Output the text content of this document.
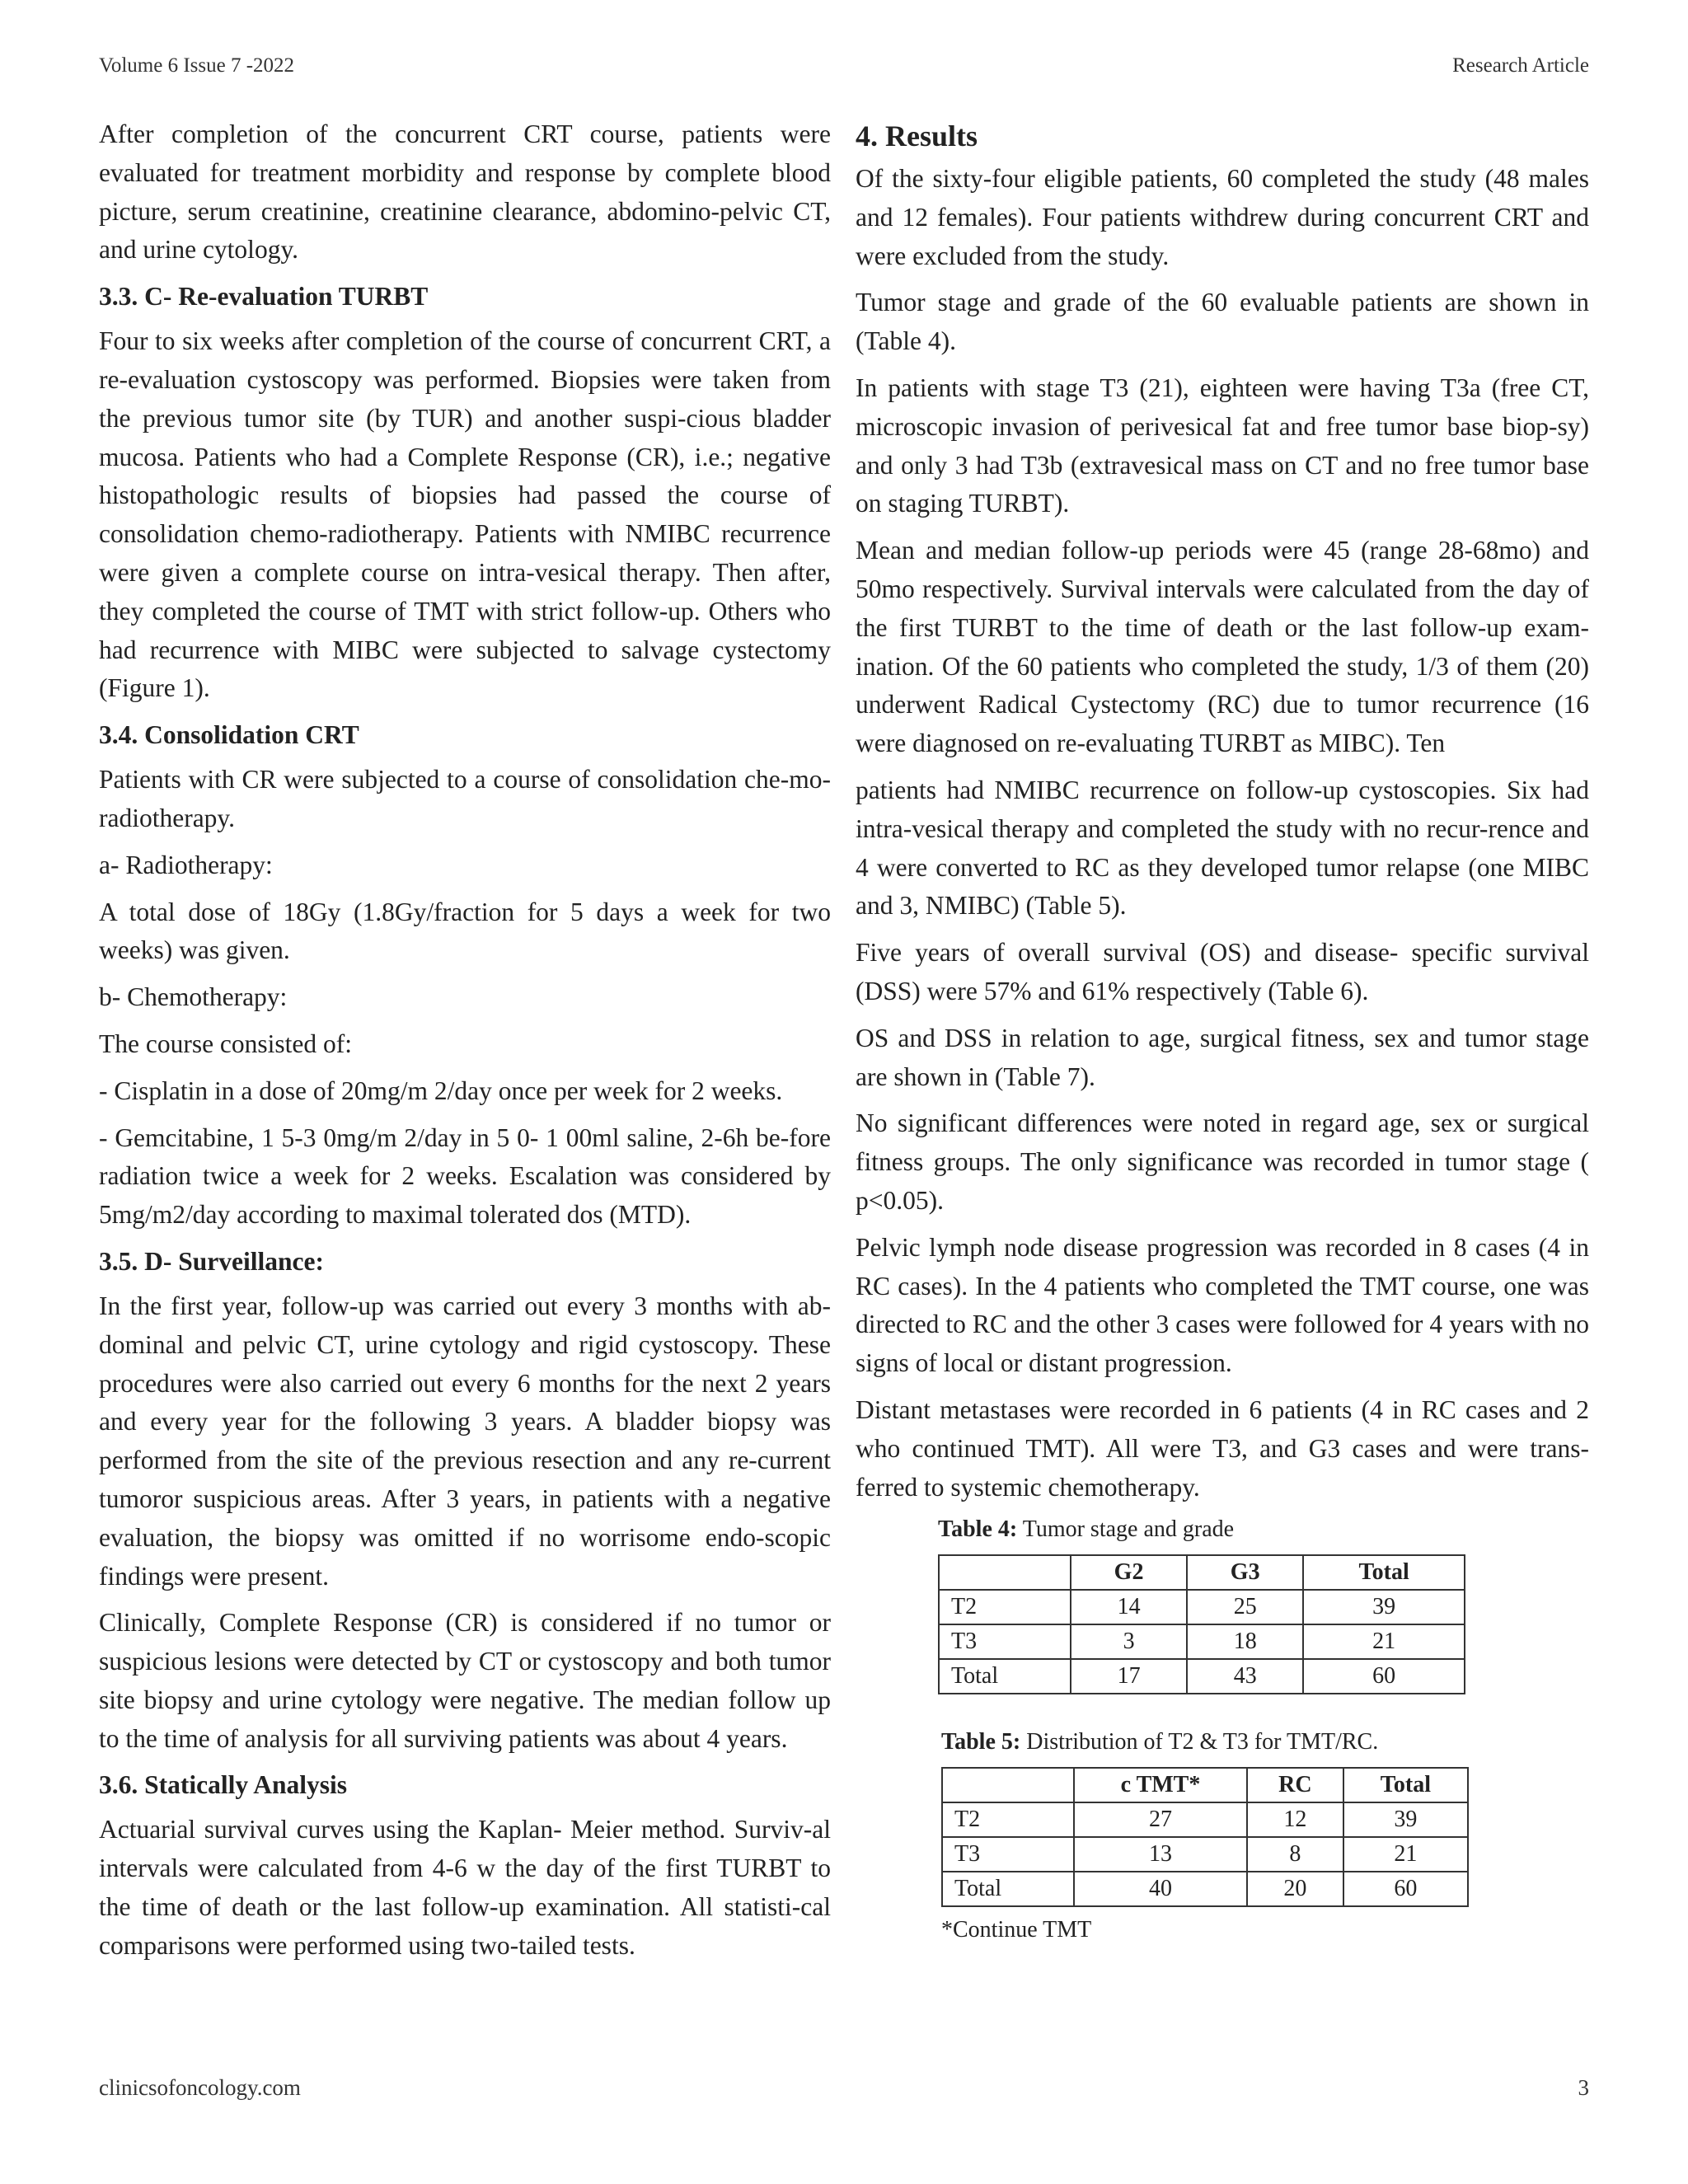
Volume 6 Issue 7 -2022	Research Article

After completion of the concurrent CRT course, patients were evaluated for treatment morbidity and response by complete blood picture, serum creatinine, creatinine clearance, abdomino-pelvic CT, and urine cytology.

3.3. C- Re-evaluation TURBT

Four to six weeks after completion of the course of concurrent CRT, a re-evaluation cystoscopy was performed. Biopsies were taken from the previous tumor site (by TUR) and another suspi-cious bladder mucosa. Patients who had a Complete Response (CR), i.e.; negative histopathologic results of biopsies had passed the course of consolidation chemo-radiotherapy. Patients with NMIBC recurrence were given a complete course on intra-vesical therapy. Then after, they completed the course of TMT with strict follow-up. Others who had recurrence with MIBC were subjected to salvage cystectomy (Figure 1).

3.4. Consolidation CRT

Patients with CR were subjected to a course of consolidation che-mo-radiotherapy.

a- Radiotherapy:

A total dose of 18Gy (1.8Gy/fraction for 5 days a week for two weeks) was given.

b- Chemotherapy:

The course consisted of:

- Cisplatin in a dose of 20mg/m 2/day once per week for 2 weeks.

- Gemcitabine, 1 5-3 0mg/m 2/day in 5 0- 1 00ml saline, 2-6h be-fore radiation twice a week for 2 weeks. Escalation was considered by 5mg/m2/day according to maximal tolerated dos (MTD).

3.5. D- Surveillance:

In the first year, follow-up was carried out every 3 months with ab-dominal and pelvic CT, urine cytology and rigid cystoscopy. These procedures were also carried out every 6 months for the next 2 years and every year for the following 3 years. A bladder biopsy was performed from the site of the previous resection and any re-current tumoror suspicious areas. After 3 years, in patients with a negative evaluation, the biopsy was omitted if no worrisome endo-scopic findings were present.

Clinically, Complete Response (CR) is considered if no tumor or suspicious lesions were detected by CT or cystoscopy and both tumor site biopsy and urine cytology were negative. The median follow up to the time of analysis for all surviving patients was about 4 years.

3.6. Statically Analysis

Actuarial survival curves using the Kaplan- Meier method. Surviv-al intervals were calculated from 4-6 w the day of the first TURBT to the time of death or the last follow-up examination. All statisti-cal comparisons were performed using two-tailed tests.

4. Results

Of the sixty-four eligible patients, 60 completed the study (48 males and 12 females). Four patients withdrew during concurrent CRT and were excluded from the study.

Tumor stage and grade of the 60 evaluable patients are shown in (Table 4).

In patients with stage T3 (21), eighteen were having T3a (free CT, microscopic invasion of perivesical fat and free tumor base biop-sy) and only 3 had T3b (extravesical mass on CT and no free tumor base on staging TURBT).

Mean and median follow-up periods were 45 (range 28-68mo) and 50mo respectively. Survival intervals were calculated from the day of the first TURBT to the time of death or the last follow-up exam-ination. Of the 60 patients who completed the study, 1/3 of them (20) underwent Radical Cystectomy (RC) due to tumor recurrence (16 were diagnosed on re-evaluating TURBT as MIBC). Ten

patients had NMIBC recurrence on follow-up cystoscopies. Six had intra-vesical therapy and completed the study with no recur-rence and 4 were converted to RC as they developed tumor relapse (one MIBC and 3, NMIBC) (Table 5).

Five years of overall survival (OS) and disease- specific survival (DSS) were 57% and 61% respectively (Table 6).

OS and DSS in relation to age, surgical fitness, sex and tumor stage are shown in (Table 7).

No significant differences were noted in regard age, sex or surgical fitness groups. The only significance was recorded in tumor stage ( p<0.05).

Pelvic lymph node disease progression was recorded in 8 cases (4 in RC cases). In the 4 patients who completed the TMT course, one was directed to RC and the other 3 cases were followed for 4 years with no signs of local or distant progression.

Distant metastases were recorded in 6 patients (4 in RC cases and 2 who continued TMT). All were T3, and G3 cases and were trans-ferred to systemic chemotherapy.

Table 4: Tumor stage and grade
	G2	G3	Total
T2	14	25	39
T3	3	18	21
Total	17	43	60
Table 5: Distribution of T2 & T3 for TMT/RC.
	c TMT*	RC	Total
T2	27	12	39
T3	13	8	21
Total	40	20	60
*Continue TMT
clinicsofoncology.com	3
